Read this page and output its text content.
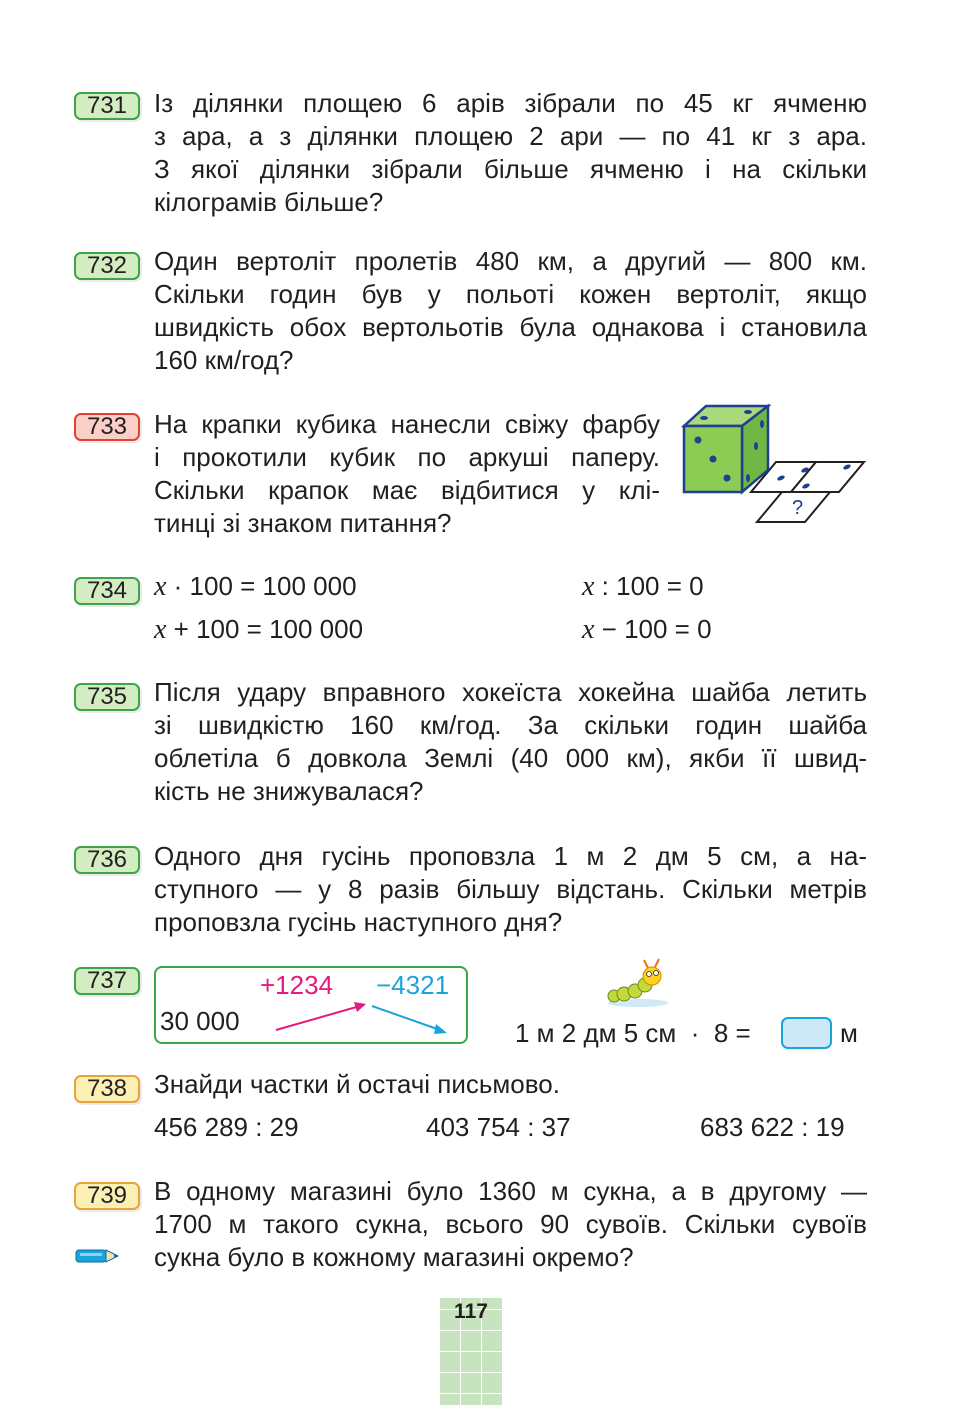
731	Із ділянки площею 6 арів зібрали по 45 кг ячменю
з ара, а з ділянки площею 2 ари — по 41 кг з ара.
З якої ділянки зібрали більше ячменю і на скільки
кілограмів більше?
732	Один вертоліт пролетів 480 км, а другий — 800 км.
Скільки годин був у польоті кожен вертоліт, якщо
швидкість обох вертольотів була однакова і становила
160 км/год?
733	На крапки кубика нанесли свіжу фарбу
і прокотили кубик по аркуші паперу.
Скільки крапок має відбитися у клі-
тинці зі знаком питання?	?
734 x · 100 = 100 000	x : 100 = 0
x + 100 = 100 000	x − 100 = 0
735	Після удару вправного хокеїста хокейна шайба летить
зі швидкістю 160 км/год. За скільки годин шайба
облетіла б довкола Землі (40 000 км), якби її швид-
кість не знижувалася?
736	Одного дня гусінь проповзла 1 м 2 дм 5 см, а на-
ступного — у 8 разів більшу відстань. Скільки метрів
проповзла гусінь наступного дня?
737
30 000
+1234 −4321
1 м 2 дм 5 см  ·  8 =	м
738	Знайди частки й остачі письмово.
456 289 : 29	403 754 : 37	683 622 : 19
739	В одному магазині було 1360 м сукна, а в другому —
1700 м такого сукна, всього 90 сувоїв. Скільки сувоїв
сукна було в кожному магазині окремо?
117
